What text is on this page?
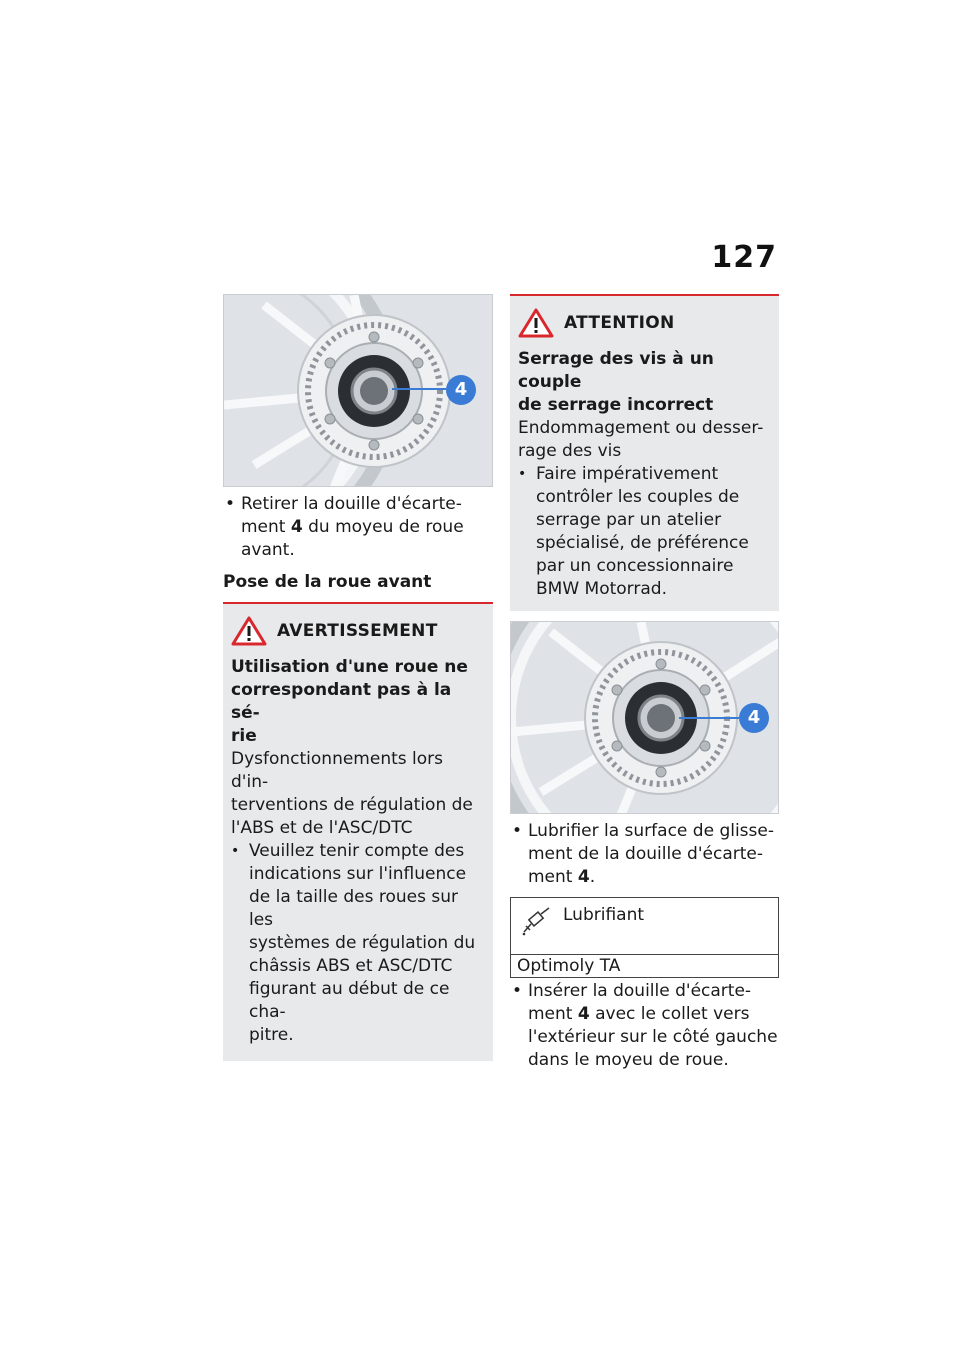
127
4
• Retirer la douille d'écarte-
ment 4 du moyeu de roue
avant.
Pose de la roue avant
AVERTISSEMENT
Utilisation d'une roue ne
correspondant pas à la sé-
rie
Dysfonctionnements lors d'in-
terventions de régulation de
l'ABS et de l'ASC/DTC
• Veuillez tenir compte des
indications sur l'influence
de la taille des roues sur les
systèmes de régulation du
châssis ABS et ASC/DTC
figurant au début de ce cha-
pitre.
ATTENTION
Serrage des vis à un couple
de serrage incorrect
Endommagement ou desser-
rage des vis
• Faire impérativement
contrôler les couples de
serrage par un atelier
spécialisé, de préférence
par un concessionnaire
BMW Motorrad.
4
• Lubrifier la surface de glisse-
ment de la douille d'écarte-
ment 4.
Lubrifiant
Optimoly TA
• Insérer la douille d'écarte-
ment 4 avec le collet vers
l'extérieur sur le côté gauche
dans le moyeu de roue.
